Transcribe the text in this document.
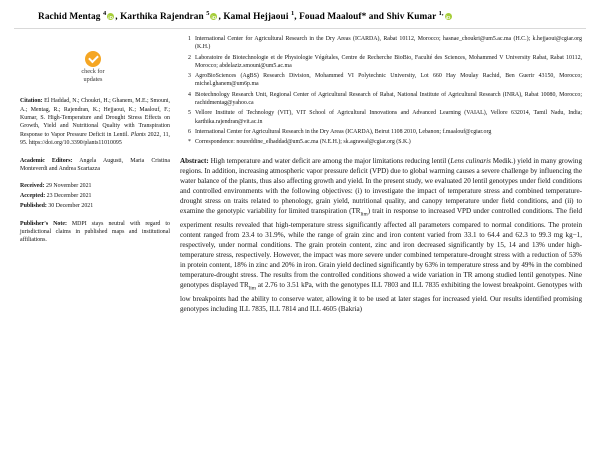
Rachid Mentag $^4$ iD , Karthika Rajendran $^5$ iD , Kamal Hejjaoui $^1$, Fouad Maalouf* and Shiv Kumar $^{1,}$iD
check for
updates
Citation: El Haddad, N.; Choukri, H.; Ghanem, M.E.; Smouni, A.; Mentag, R.; Rajendran, K.; Hejjaoui, K.; Maalouf, F.; Kumar, S. High-Temperature and Drought Stress Effects on Growth, Yield and Nutritional Quality with Transpiration Response to Vapor Pressure Deficit in Lentil. Plants 2022, 11, 95. https://doi.org/10.3390/plants11010095
Academic Editors: Angela Augusti, Maria Cristina Monteverdi and Andrea Scartazza
Received: 29 November 2021
Accepted: 23 December 2021
Published: 30 December 2021
Publisher's Note: MDPI stays neutral with regard to jurisdictional claims in published maps and institutional affiliations.
1 International Center for Agricultural Research in the Dry Areas (ICARDA), Rabat 10112, Morocco; hasnae_choukri@um5.ac.ma (H.C.); k.hejjaoui@cgiar.org (K.H.)
2 Laboratoire de Biotechnologie et de Physiologie Végétales, Centre de Recherche BioBio, Faculté des Sciences, Mohammed V University Rabat, Rabat 10112, Morocco; abdelaziz.smouni@um5.ac.ma
3 AgroBioSciences (AgBS) Research Division, Mohammed VI Polytechnic University, Lot 660 Hay Moulay Rachid, Ben Guerir 43150, Morocco; michel.ghanem@um6p.ma
4 Biotechnology Research Unit, Regional Center of Agricultural Research of Rabat, National Institute of Agricultural Research (INRA), Rabat 10080, Morocco; rachidmentag@yahoo.ca
5 Vellore Institute of Technology (VIT), VIT School of Agricultural Innovations and Advanced Learning (VAIAL), Vellore 632014, Tamil Nadu, India; karthika.rajendran@vit.ac.in
6 International Center for Agricultural Research in the Dry Areas (ICARDA), Beirut 1108 2010, Lebanon; f.maalouf@cgiar.org
* Correspondence: noureddine_elhaddad@um5.ac.ma (N.E.H.); sk.agrawal@cgiar.org (S.K.)
Abstract: High temperature and water deficit are among the major limitations reducing lentil (Lens culinaris Medik.) yield in many growing regions. In addition, increasing atmospheric vapor pressure deficit (VPD) due to global warming causes a severe challenge by influencing the water balance of the plants, thus also affecting growth and yield. In the present study, we evaluated 20 lentil genotypes under field conditions and controlled environments with the following objectives: (i) to investigate the impact of temperature stress and combined temperature-drought stress on traits related to phenology, grain yield, nutritional quality, and canopy temperature under field conditions, and (ii) to examine the genotypic variability for limited transpiration $(TR_{lim})$ trait in response to increased VPD under controlled conditions. The field experiment results revealed that high-temperature stress significantly affected all parameters compared to normal conditions. The protein content ranged from 23.4 to 31.9%, while the range of grain zinc and iron content varied from 33.1 to 64.4 and 62.3 to 99.3 mg kg−1, respectively, under normal conditions. The grain protein content, zinc and iron decreased significantly by 15, 14 and 13% under high-temperature stress, respectively. However, the impact was more severe under combined temperature-drought stress with a reduction of 53% in protein content, 18% in zinc and 20% in iron. Grain yield declined significantly by 63% in temperature stress and by 49% in the combined temperature-drought stress. The results from the controlled conditions showed a wide variation in TR among studied lentil genotypes. Nine genotypes displayed $TR_{lim}$ at 2.76 to 3.51 kPa, with the genotypes ILL 7803 and ILL 7835 exhibiting the lowest breakpoint. Genotypes with low breakpoints had the ability to conserve water, allowing it to be used at later stages for increased yield. Our results identified promising genotypes including ILL 7835, ILL 7814 and ILL 4605 (Bakria)
